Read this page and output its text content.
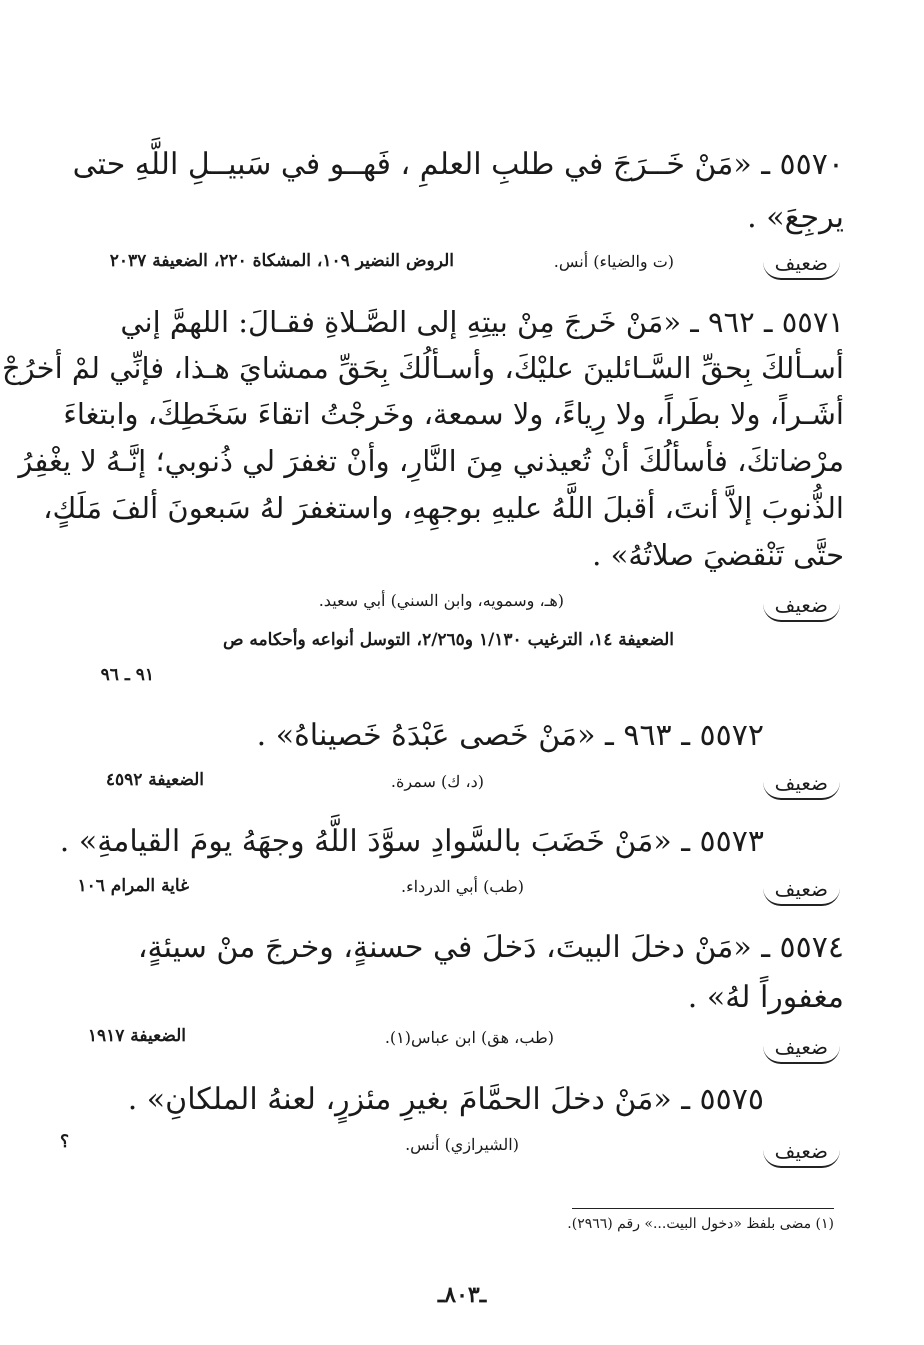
٥٥٧٠ ـ «مَنْ خَــرَجَ في طلبِ العلمِ ، فَهــو في سَبيــلِ اللَّهِ حتى
يرجِعَ» .
ضعيف
(ت والضياء) أنس.
الروض النضير ١٠٩، المشكاة ٢٢٠، الضعيفة ٢٠٣٧
٥٥٧١ ـ ٩٦٢ ـ «مَنْ خَرجَ مِنْ بيتِهِ إلى الصَّـلاةِ فقـالَ: اللهمَّ إني
أسـألكَ بِحقِّ السَّـائلينَ عليْكَ، وأسـألُكَ بِحَقِّ ممشايَ هـذا، فإنِّي لمْ أخرُجْ
أشَـراً، ولا بطَراً، ولا رِياءً، ولا سمعة، وخَرجْتُ اتقاءَ سَخَطِكَ، وابتغاءَ
مرْضاتكَ، فأسألُكَ أنْ تُعيذني مِنَ النَّارِ، وأنْ تغفرَ لي ذُنوبي؛ إنَّـهُ لا يغْفِرُ
الذُّنوبَ إلاَّ أنتَ، أقبلَ اللَّهُ عليهِ بوجهِهِ، واستغفرَ لهُ سَبعونَ ألفَ مَلَكٍ،
حتَّى تَنْقضيَ صلاتُهُ» .
ضعيف
(هـ، وسمويه، وابن السني) أبي سعيد.
الضعيفة ١٤، الترغيب ١/١٣٠ و٢/٢٦٥، التوسل أنواعه وأحكامه ص
٩١ ـ ٩٦
٥٥٧٢ ـ ٩٦٣ ـ «مَنْ خَصى عَبْدَهُ خَصيناهُ» .
ضعيف
(د، ك) سمرة.
الضعيفة ٤٥٩٢
٥٥٧٣ ـ «مَنْ خَضَبَ بالسَّوادِ سوَّدَ اللَّهُ وجهَهُ يومَ القيامةِ» .
ضعيف
(طب) أبي الدرداء.
غاية المرام ١٠٦
٥٥٧٤ ـ «مَنْ دخلَ البيتَ، دَخلَ في حسنةٍ، وخرجَ منْ سيئةٍ،
مغفوراً لهُ» .
ضعيف
(طب، هق) ابن عباس(١).
الضعيفة ١٩١٧
٥٥٧٥ ـ «مَنْ دخلَ الحمَّامَ بغيرِ مئزرٍ، لعنهُ الملكانِ» .
ضعيف
(الشيرازي) أنس.
؟
(١) مضى بلفظ «دخول البيت...» رقم (٢٩٦٦).
ـ٨٠٣ـ
